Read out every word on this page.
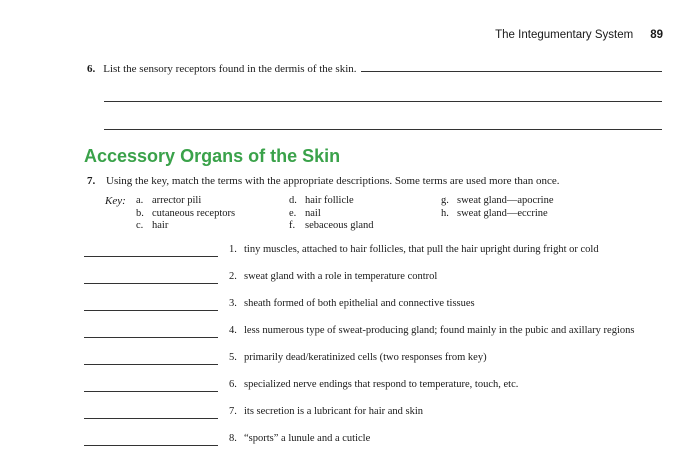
The Integumentary System 89
6. List the sensory receptors found in the dermis of the skin.
Accessory Organs of the Skin
7. Using the key, match the terms with the appropriate descriptions. Some terms are used more than once.
Key: a. arrector pili
b. cutaneous receptors
c. hair
d. hair follicle
e. nail
f. sebaceous gland
g. sweat gland—apocrine
h. sweat gland—eccrine
1. tiny muscles, attached to hair follicles, that pull the hair upright during fright or cold
2. sweat gland with a role in temperature control
3. sheath formed of both epithelial and connective tissues
4. less numerous type of sweat-producing gland; found mainly in the pubic and axillary regions
5. primarily dead/keratinized cells (two responses from key)
6. specialized nerve endings that respond to temperature, touch, etc.
7. its secretion is a lubricant for hair and skin
8. “sports” a lunule and a cuticle
